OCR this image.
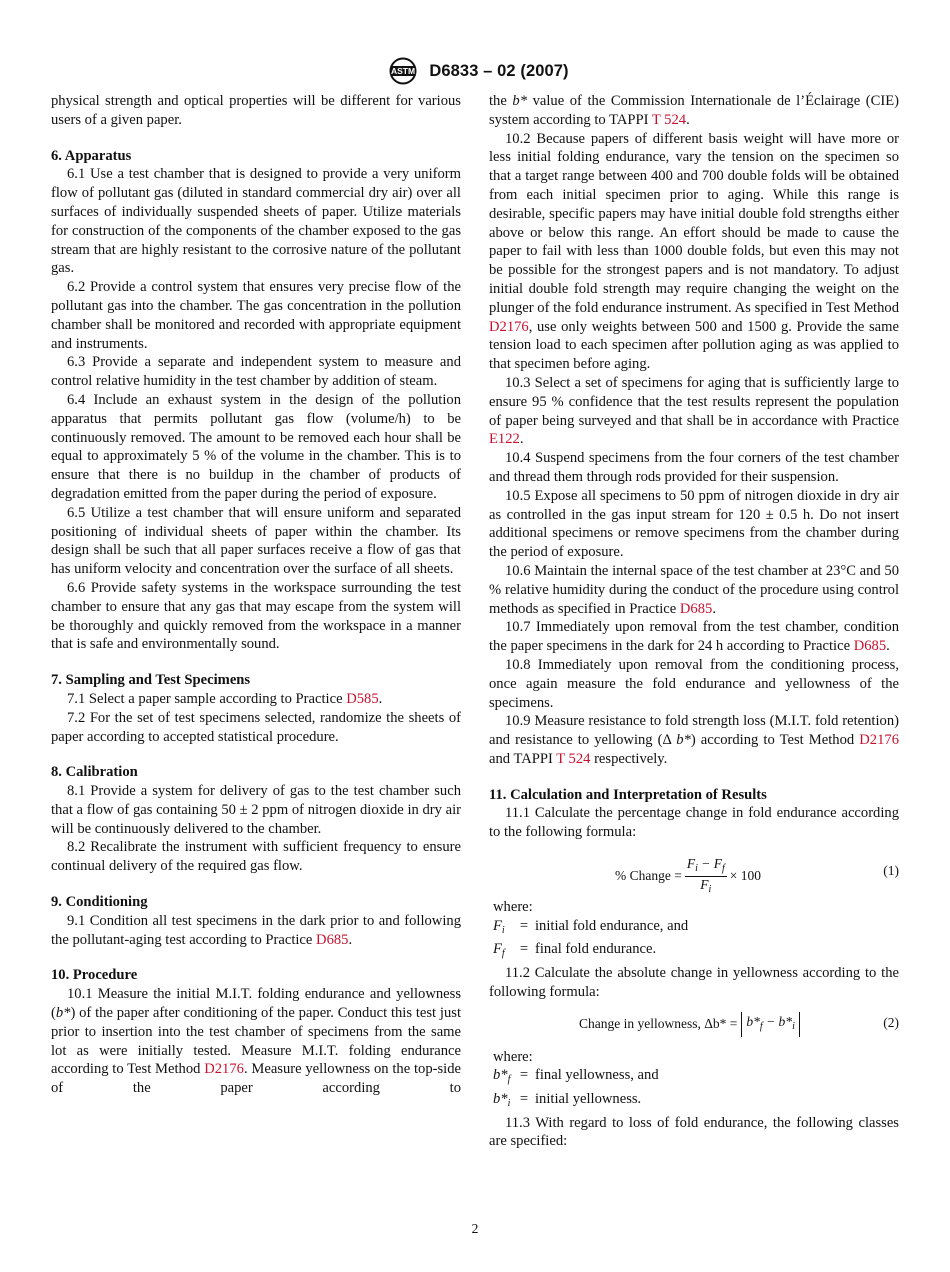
ASTM D6833 – 02 (2007)

physical strength and optical properties will be different for various users of a given paper.

6. Apparatus

6.1 Use a test chamber that is designed to provide a very uniform flow of pollutant gas (diluted in standard commercial dry air) over all surfaces of individually suspended sheets of paper. Utilize materials for construction of the components of the chamber exposed to the gas stream that are highly resistant to the corrosive nature of the pollutant gas.

6.2 Provide a control system that ensures very precise flow of the pollutant gas into the chamber. The gas concentration in the pollution chamber shall be monitored and recorded with appropriate equipment and instruments.

6.3 Provide a separate and independent system to measure and control relative humidity in the test chamber by addition of steam.

6.4 Include an exhaust system in the design of the pollution apparatus that permits pollutant gas flow (volume/h) to be continuously removed. The amount to be removed each hour shall be equal to approximately 5 % of the volume in the chamber. This is to ensure that there is no buildup in the chamber of products of degradation emitted from the paper during the period of exposure.

6.5 Utilize a test chamber that will ensure uniform and separated positioning of individual sheets of paper within the chamber. Its design shall be such that all paper surfaces receive a flow of gas that has uniform velocity and concentration over the surface of all sheets.

6.6 Provide safety systems in the workspace surrounding the test chamber to ensure that any gas that may escape from the system will be thoroughly and quickly removed from the workspace in a manner that is safe and environmentally sound.

7. Sampling and Test Specimens

7.1 Select a paper sample according to Practice D585.

7.2 For the set of test specimens selected, randomize the sheets of paper according to accepted statistical procedure.

8. Calibration

8.1 Provide a system for delivery of gas to the test chamber such that a flow of gas containing 50 ± 2 ppm of nitrogen dioxide in dry air will be continuously delivered to the chamber.

8.2 Recalibrate the instrument with sufficient frequency to ensure continual delivery of the required gas flow.

9. Conditioning

9.1 Condition all test specimens in the dark prior to and following the pollutant-aging test according to Practice D685.

10. Procedure

10.1 Measure the initial M.I.T. folding endurance and yellowness (b*) of the paper after conditioning of the paper. Conduct this test just prior to insertion into the test chamber of specimens from the same lot as were initially tested. Measure M.I.T. folding endurance according to Test Method D2176. Measure yellowness on the top-side of the paper according to

the b* value of the Commission Internationale de l’Éclairage (CIE) system according to TAPPI T 524.

10.2 Because papers of different basis weight will have more or less initial folding endurance, vary the tension on the specimen so that a target range between 400 and 700 double folds will be obtained from each initial specimen prior to aging. While this range is desirable, specific papers may have initial double fold strengths either above or below this range. An effort should be made to cause the paper to fail with less than 1000 double folds, but even this may not be possible for the strongest papers and is not mandatory. To adjust initial double fold strength may require changing the weight on the plunger of the fold endurance instrument. As specified in Test Method D2176, use only weights between 500 and 1500 g. Provide the same tension load to each specimen after pollution aging as was applied to that specimen before aging.

10.3 Select a set of specimens for aging that is sufficiently large to ensure 95 % confidence that the test results represent the population of paper being surveyed and that shall be in accordance with Practice E122.

10.4 Suspend specimens from the four corners of the test chamber and thread them through rods provided for their suspension.

10.5 Expose all specimens to 50 ppm of nitrogen dioxide in dry air as controlled in the gas input stream for 120 ± 0.5 h. Do not insert additional specimens or remove specimens from the chamber during the period of exposure.

10.6 Maintain the internal space of the test chamber at 23°C and 50 % relative humidity during the conduct of the procedure using control methods as specified in Practice D685.

10.7 Immediately upon removal from the test chamber, condition the paper specimens in the dark for 24 h according to Practice D685.

10.8 Immediately upon removal from the conditioning process, once again measure the fold endurance and yellowness of the specimens.

10.9 Measure resistance to fold strength loss (M.I.T. fold retention) and resistance to yellowing (Δ b*) according to Test Method D2176 and TAPPI T 524 respectively.

11. Calculation and Interpretation of Results

11.1 Calculate the percentage change in fold endurance according to the following formula:

% Change = $\frac{F_i - F_f}{F_i} \times 100$	(1)

where:

$F_i$	= initial fold endurance, and
$F_f$	= final fold endurance.

11.2 Calculate the absolute change in yellowness according to the following formula:

Change in yellowness, $\Delta b* = b*_f - b*_i$	(2)

where:

$b*_f$ = final yellowness, and
$b*_i$ = initial yellowness.

11.3 With regard to loss of fold endurance, the following classes are specified:

2
